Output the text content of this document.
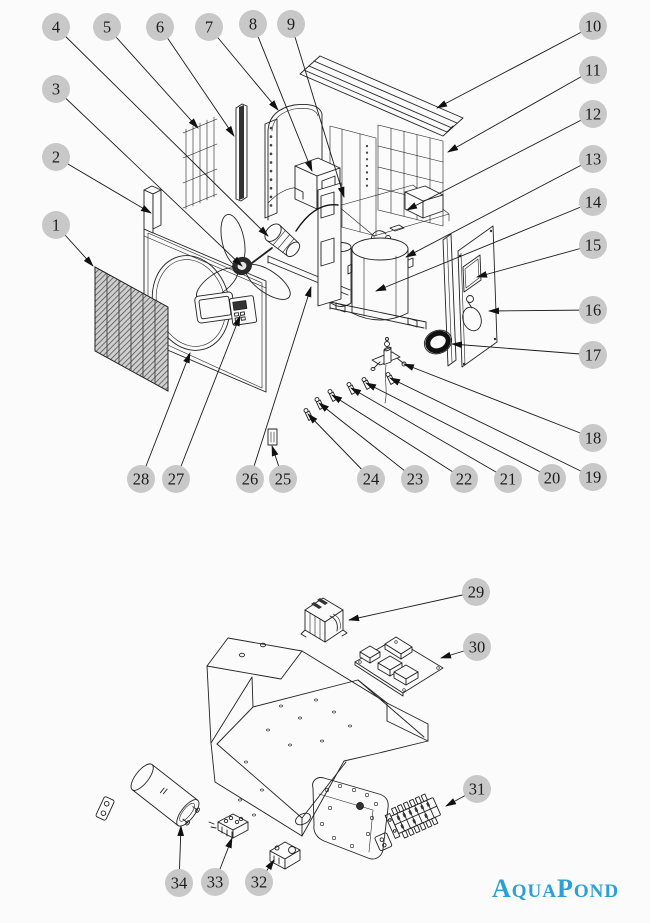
1
2
3
4	5	6 7 8 9	10
11
12
13
14
15
16
17
18
19
20
21
22
23
24
25
26
27
28
29
30
31
32
33
34	AQUAPOND
